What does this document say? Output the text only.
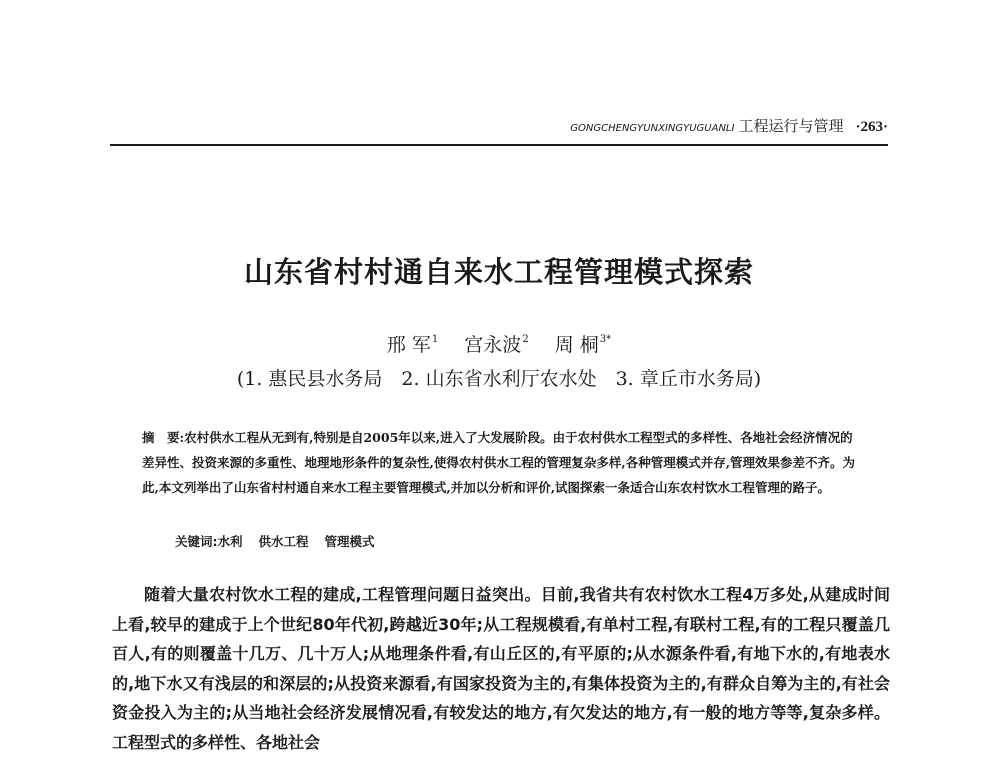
GONGCHENGYUNXINGYUGUANLI 工程运行与管理 ·263·
山东省村村通自来水工程管理模式探索
邢 军$^1$ 宫永波$^2$ 周 桐$^{3*}$
(1. 惠民县水务局　2. 山东省水利厅农水处　3. 章丘市水务局)
摘　要:农村供水工程从无到有,特别是自2005年以来,进入了大发展阶段。由于农村供水工程型式的多样性、各地社会经济情况的差异性、投资来源的多重性、地理地形条件的复杂性,使得农村供水工程的管理复杂多样,各种管理模式并存,管理效果参差不齐。为此,本文列举出了山东省村村通自来水工程主要管理模式,并加以分析和评价,试图探索一条适合山东农村饮水工程管理的路子。
关键词:水利 供水工程 管理模式
随着大量农村饮水工程的建成,工程管理问题日益突出。目前,我省共有农村饮水工程4万多处,从建成时间上看,较早的建成于上个世纪80年代初,跨越近30年;从工程规模看,有单村工程,有联村工程,有的工程只覆盖几百人,有的则覆盖十几万、几十万人;从地理条件看,有山丘区的,有平原的;从水源条件看,有地下水的,有地表水的,地下水又有浅层的和深层的;从投资来源看,有国家投资为主的,有集体投资为主的,有群众自筹为主的,有社会资金投入为主的;从当地社会经济发展情况看,有较发达的地方,有欠发达的地方,有一般的地方等等,复杂多样。工程型式的多样性、各地社会
